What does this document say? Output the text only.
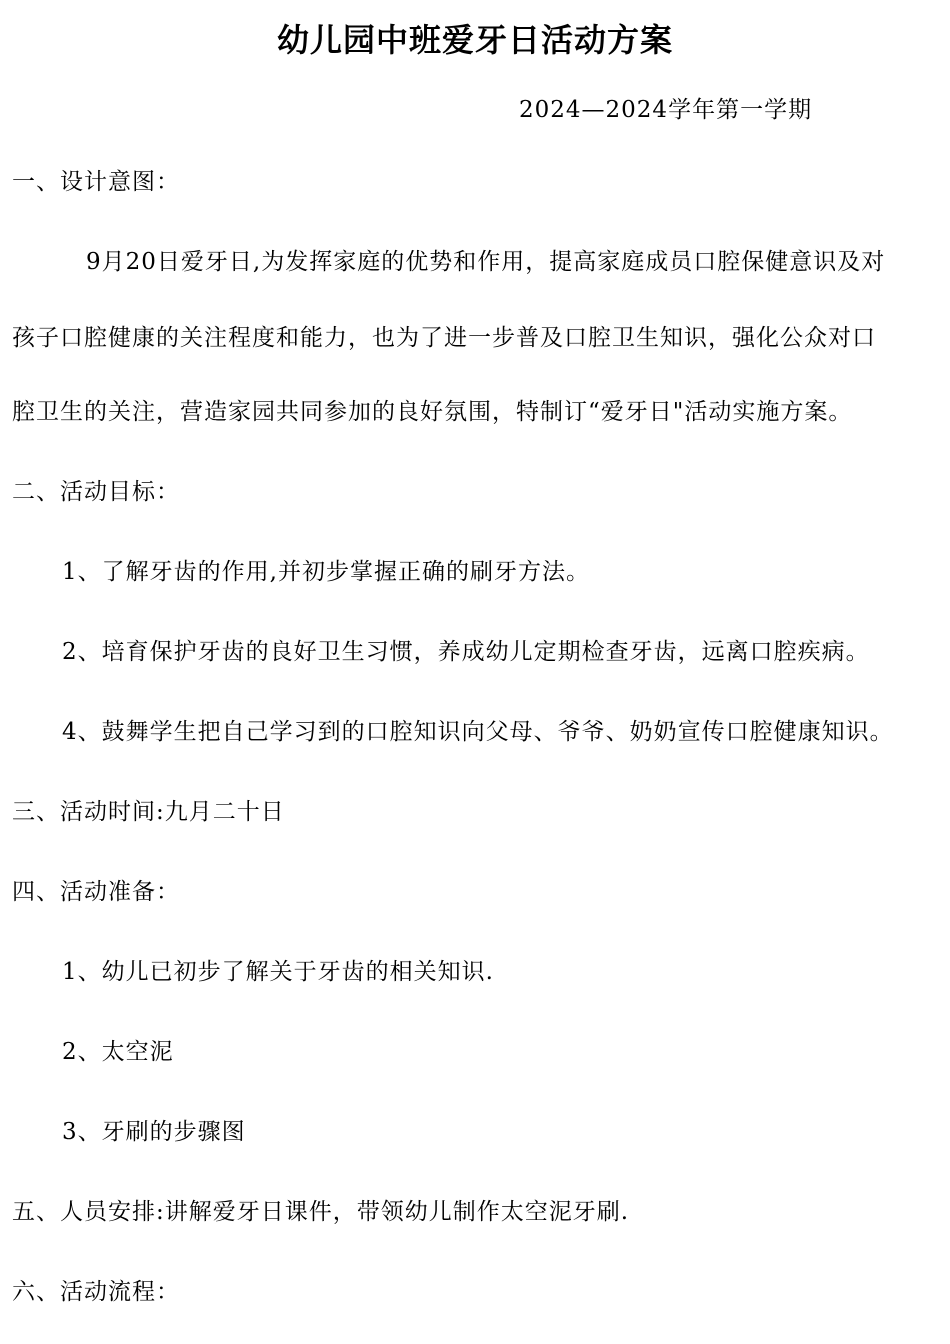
幼儿园中班爱牙日活动方案
2024—2024学年第一学期
一、设计意图：
9月20日爱牙日,为发挥家庭的优势和作用，提高家庭成员口腔保健意识及对
孩子口腔健康的关注程度和能力，也为了进一步普及口腔卫生知识，强化公众对口
腔卫生的关注，营造家园共同参加的良好氛围，特制订“爱牙日"活动实施方案。
二、活动目标：
1、了解牙齿的作用,并初步掌握正确的刷牙方法。
2、培育保护牙齿的良好卫生习惯，养成幼儿定期检查牙齿，远离口腔疾病。
4、鼓舞学生把自己学习到的口腔知识向父母、爷爷、奶奶宣传口腔健康知识。
三、活动时间:九月二十日
四、活动准备：
1、幼儿已初步了解关于牙齿的相关知识.
2、太空泥
3、牙刷的步骤图
五、人员安排:讲解爱牙日课件，带领幼儿制作太空泥牙刷.
六、活动流程：
